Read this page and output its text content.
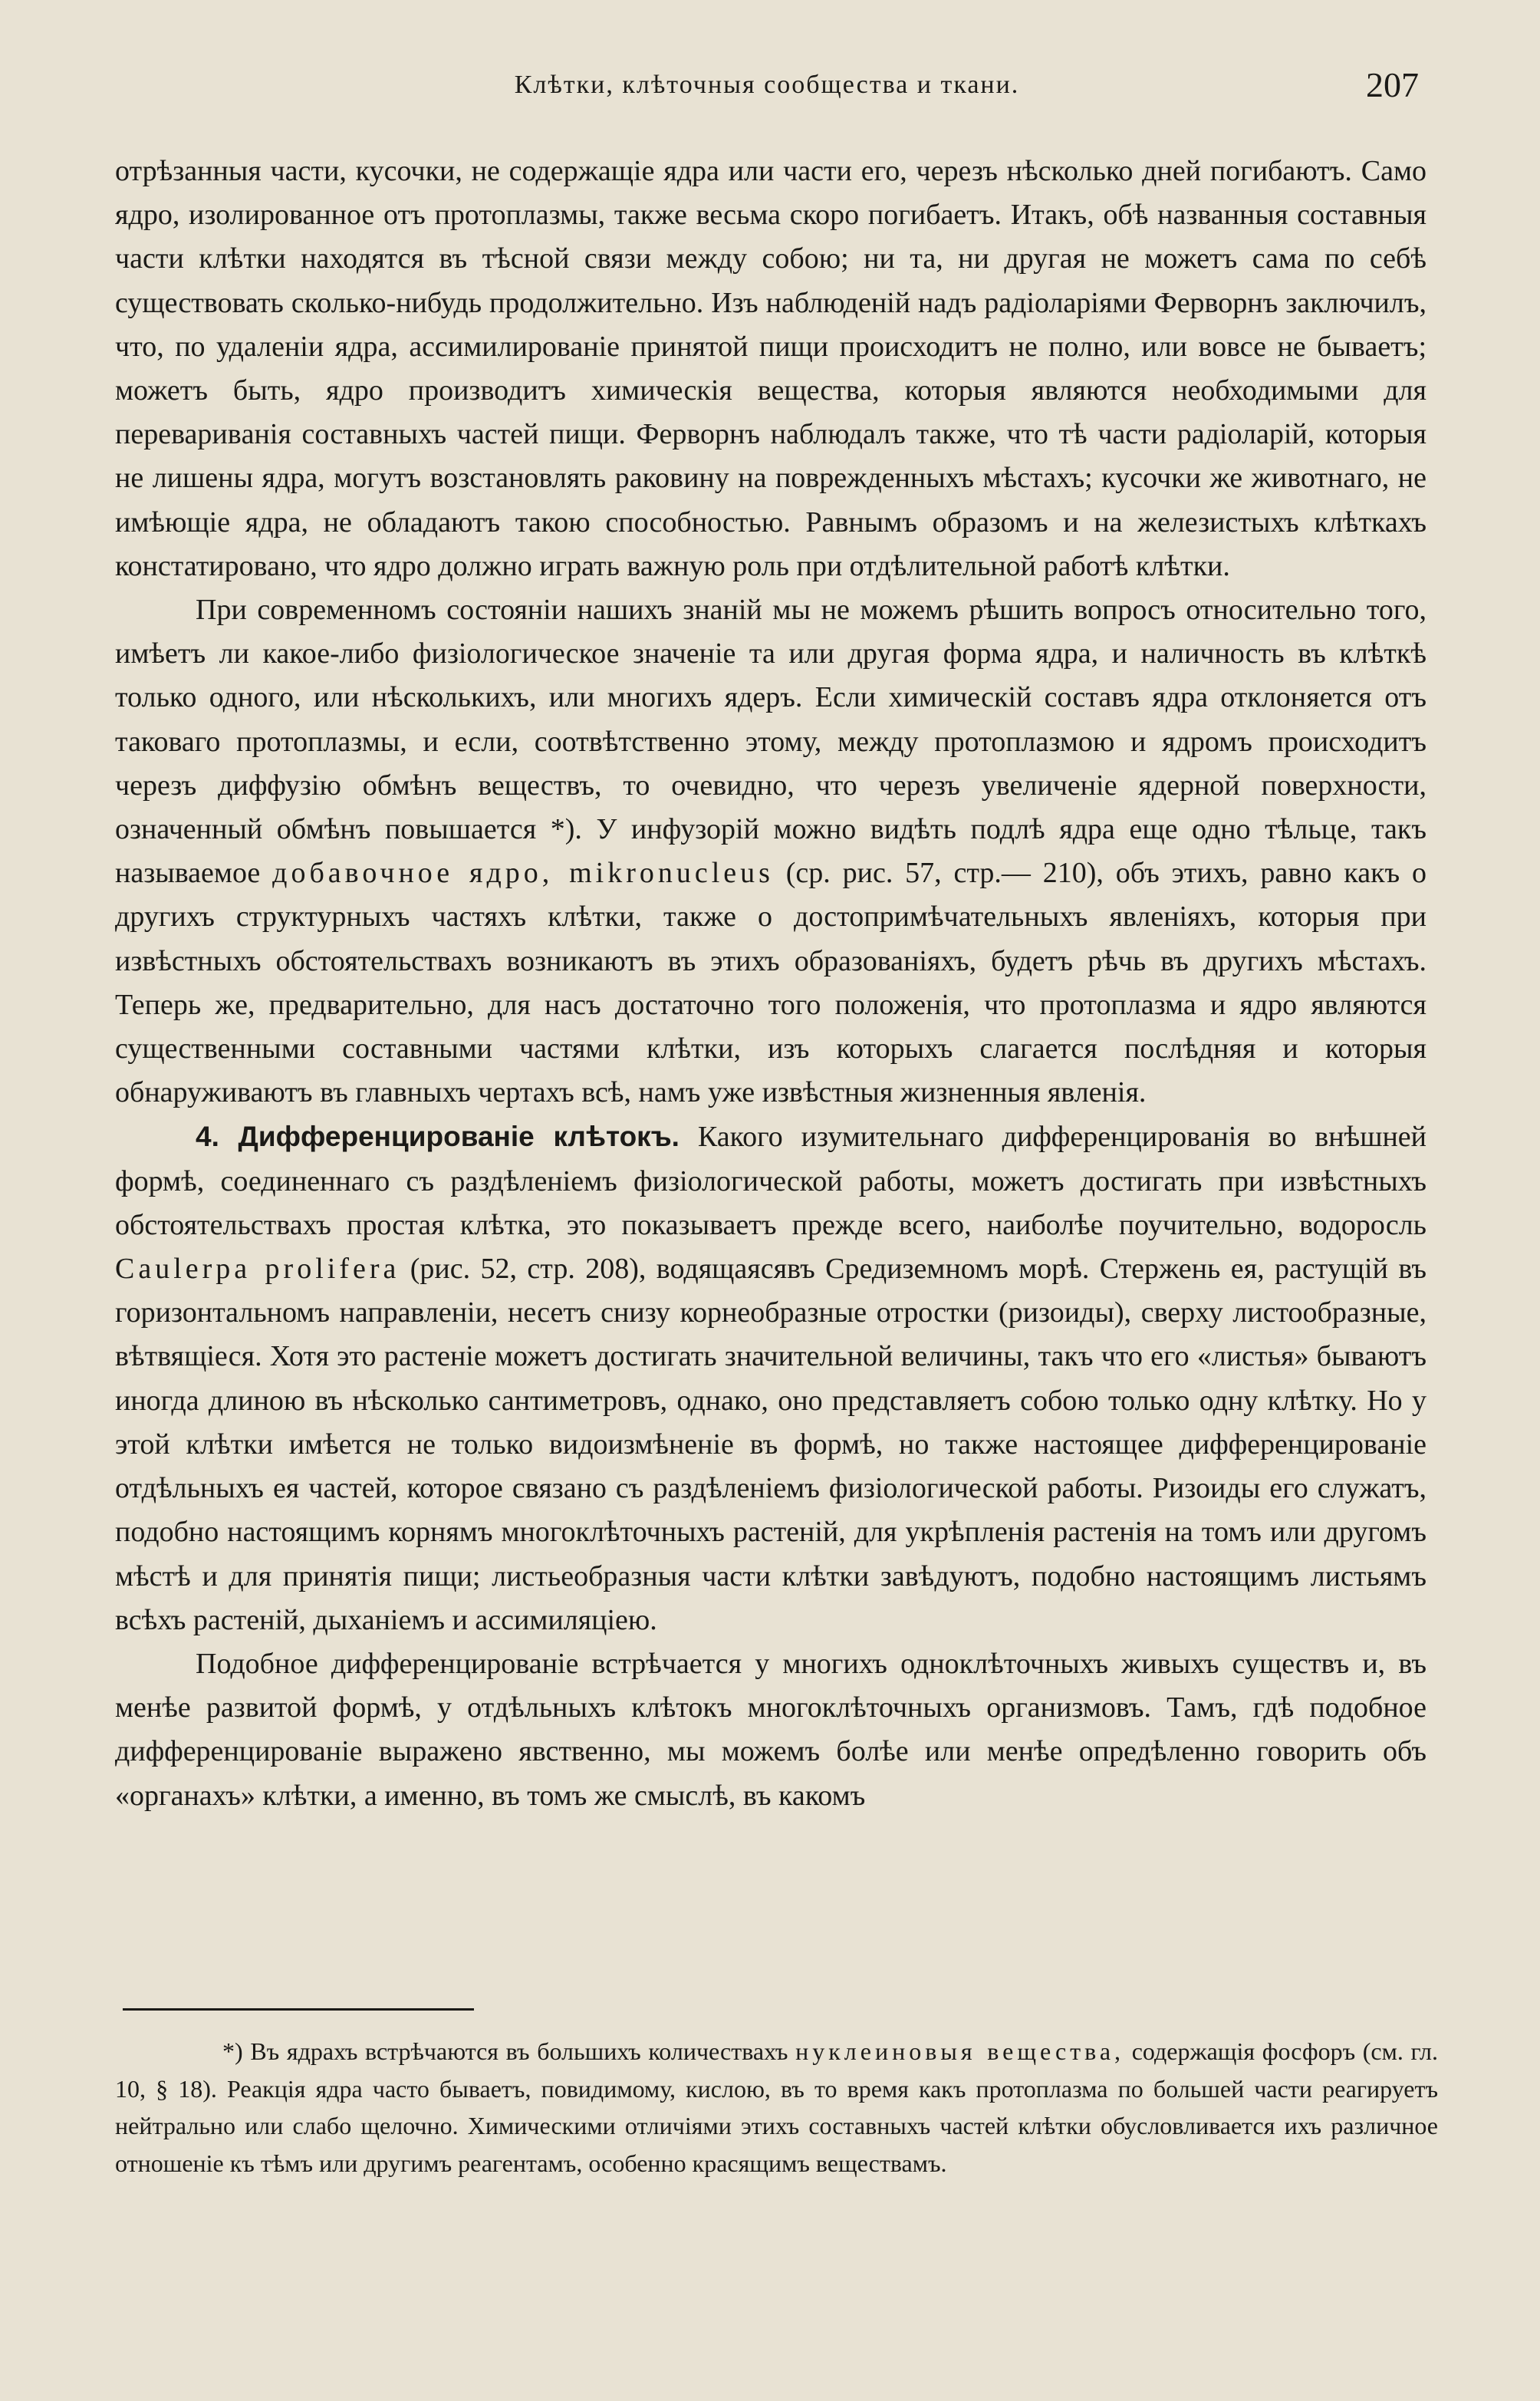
Клѣтки, клѣточныя сообщества и ткани.	207

отрѣзанныя части, кусочки, не содержащіе ядра или части его, черезъ нѣсколько дней погибаютъ. Само ядро, изолированное отъ протоплазмы, также весьма скоро погибаетъ. Итакъ, обѣ названныя составныя части клѣтки находятся въ тѣсной связи между собою; ни та, ни другая не можетъ сама по себѣ существовать сколько-нибудь продолжительно. Изъ наблюденій надъ радіоларіями Ферворнъ заключилъ, что, по удаленіи ядра, ассимилированіе принятой пищи происходитъ не полно, или вовсе не бываетъ; можетъ быть, ядро производитъ химическія вещества, которыя являются необходимыми для переваривaнія составныхъ частей пищи. Ферворнъ наблюдалъ также, что тѣ части радіоларій, которыя не лишены ядра, могутъ возстановлять раковину на поврежденныхъ мѣстахъ; кусочки же животнаго, не имѣющіе ядра, не обладаютъ такою способностью. Равнымъ образомъ и на железистыхъ клѣткахъ констатировано, что ядро должно играть важную роль при отдѣлительной работѣ клѣтки.

При современномъ состояніи нашихъ знаній мы не можемъ рѣшить вопросъ относительно того, имѣетъ ли какое-либо физіологическое значеніе та или другая форма ядра, и наличность въ клѣткѣ только одного, или нѣсколькихъ, или многихъ ядеръ. Если химическій составъ ядра отклоняется отъ таковаго протоплазмы, и если, соотвѣтственно этому, между протоплазмою и ядромъ происходитъ черезъ диффузію обмѣнъ веществъ, то очевидно, что черезъ увеличеніе ядерной поверхности, означенный обмѣнъ повышается *). У инфузорій можно видѣть подлѣ ядра еще одно тѣльце, такъ называемое добавочное ядро, mikronucleus (ср. рис. 57, стр.— 210), объ этихъ, равно какъ о другихъ структурныхъ частяхъ клѣтки, также о достопримѣчательныхъ явленіяхъ, которыя при извѣстныхъ обстоятельствахъ возникаютъ въ этихъ образованіяхъ, будетъ рѣчь въ другихъ мѣстахъ. Теперь же, предварительно, для насъ достаточно того положенія, что протоплазма и ядро являются существенными составными частями клѣтки, изъ которыхъ слагается послѣдняя и которыя обнаруживаютъ въ главныхъ чертахъ всѣ, намъ уже извѣстныя жизненныя явленія.

4. Дифференцированіе клѣтокъ. Какого изумительнаго дифференцированія во внѣшней формѣ, соединеннаго съ раздѣленіемъ физіологической работы, можетъ достигать при извѣстныхъ обстоятельствахъ простая клѣтка, это показываетъ прежде всего, наиболѣе поучительно, водоросль Caulerpa prolifera (рис. 52, стр. 208), водящаясявъ Средиземномъ морѣ. Стержень ея, растущій въ горизонтальномъ направленіи, несетъ снизу корнеобразные отростки (ризоиды), сверху листообразные, вѣтвящіеся. Хотя это растеніе можетъ достигать значительной величины, такъ что его «листья» бываютъ иногда длиною въ нѣсколько сантиметровъ, однако, оно представляетъ собою только одну клѣтку. Но у этой клѣтки имѣется не только видоизмѣненіе въ формѣ, но также настоящее дифференцированіе отдѣльныхъ ея частей, которое связано съ раздѣленіемъ физіологической работы. Ризоиды его служатъ, подобно настоящимъ корнямъ многоклѣточныхъ растеній, для укрѣпленія растенія на томъ или другомъ мѣстѣ и для принятія пищи; листьеобразныя части клѣтки завѣдуютъ, подобно настоящимъ листьямъ всѣхъ растеній, дыханіемъ и ассимиляціею.

Подобное дифференцированіе встрѣчается у многихъ одноклѣточныхъ живыхъ существъ и, въ менѣе развитой формѣ, у отдѣльныхъ клѣтокъ многоклѣточныхъ организмовъ. Тамъ, гдѣ подобное дифференцированіе выражено явственно, мы можемъ болѣе или менѣе опредѣленно говорить объ «органахъ» клѣтки, а именно, въ томъ же смыслѣ, въ какомъ

*) Въ ядрахъ встрѣчаются въ большихъ количествахъ нуклеиновыя вещества, содержащія фосфоръ (см. гл. 10, § 18). Реакція ядра часто бываетъ, повидимому, кислою, въ то время какъ протоплазма по большей части реагируетъ нейтрально или слабо щелочно. Химическими отличіями этихъ составныхъ частей клѣтки обусловливается ихъ различное отношеніе къ тѣмъ или другимъ реагентамъ, особенно красящимъ веществамъ.
